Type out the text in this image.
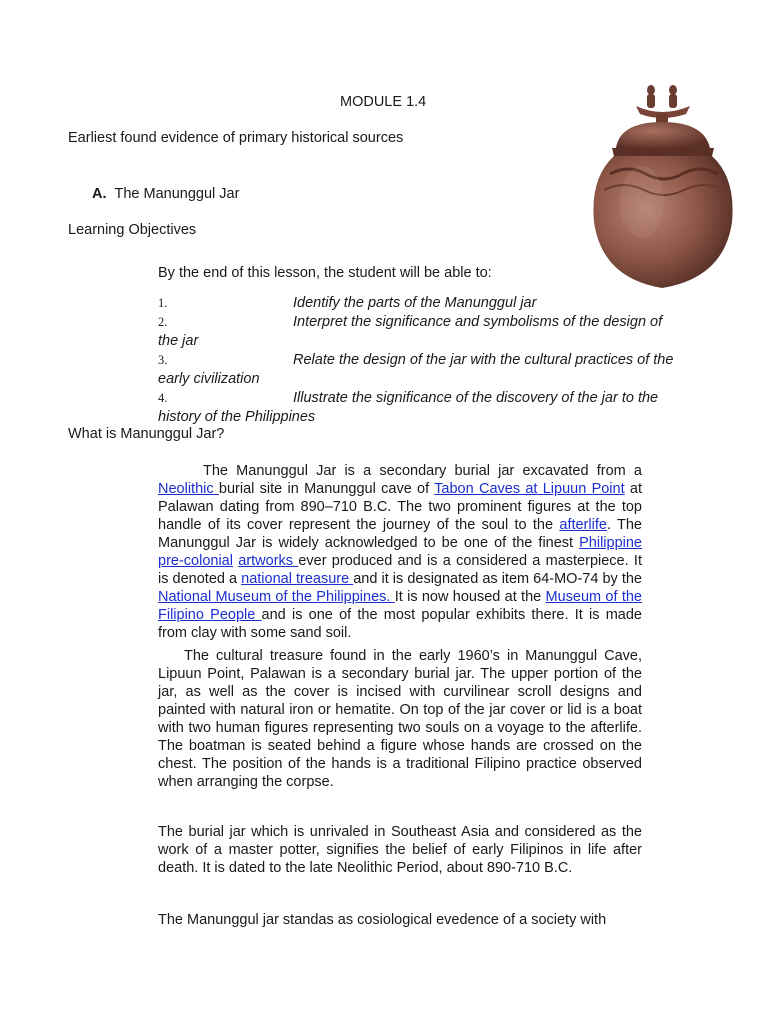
MODULE 1.4
Earliest found evidence of primary historical sources
A. The Manunggul Jar
Learning Objectives
By the end of this lesson, the student will be able to:
1.	Identify the parts of the Manunggul jar
2.	Interpret the significance and symbolisms of the design of
the jar
3.	Relate the design of the jar with the cultural practices of the
early civilization
4.	Illustrate the significance of the discovery of the jar to the
history of the Philippines
What is Manunggul Jar?
The Manunggul Jar is a secondary burial jar excavated from a Neolithic burial site in Manunggul cave of Tabon Caves at Lipuun Point at Palawan dating from 890–710 B.C. The two prominent figures at the top handle of its cover represent the journey of the soul to the afterlife. The Manunggul Jar is widely acknowledged to be one of the finest Philippine pre-colonial artworks ever produced and is a considered a masterpiece. It is denoted a national treasure and it is designated as item 64-MO-74 by the National Museum of the Philippines. It is now housed at the Museum of the Filipino People and is one of the most popular exhibits there. It is made from clay with some sand soil.
The cultural treasure found in the early 1960’s in Manunggul Cave, Lipuun Point, Palawan is a secondary burial jar. The upper portion of the jar, as well as the cover is incised with curvilinear scroll designs and painted with natural iron or hematite. On top of the jar cover or lid is a boat with two human figures representing two souls on a voyage to the afterlife. The boatman is seated behind a figure whose hands are crossed on the chest. The position of the hands is a traditional Filipino practice observed when arranging the corpse.
The burial jar which is unrivaled in Southeast Asia and considered as the work of a master potter, signifies the belief of early Filipinos in life after death. It is dated to the late Neolithic Period, about 890-710 B.C.
The Manunggul jar standas as cosiological evedence of a society with
